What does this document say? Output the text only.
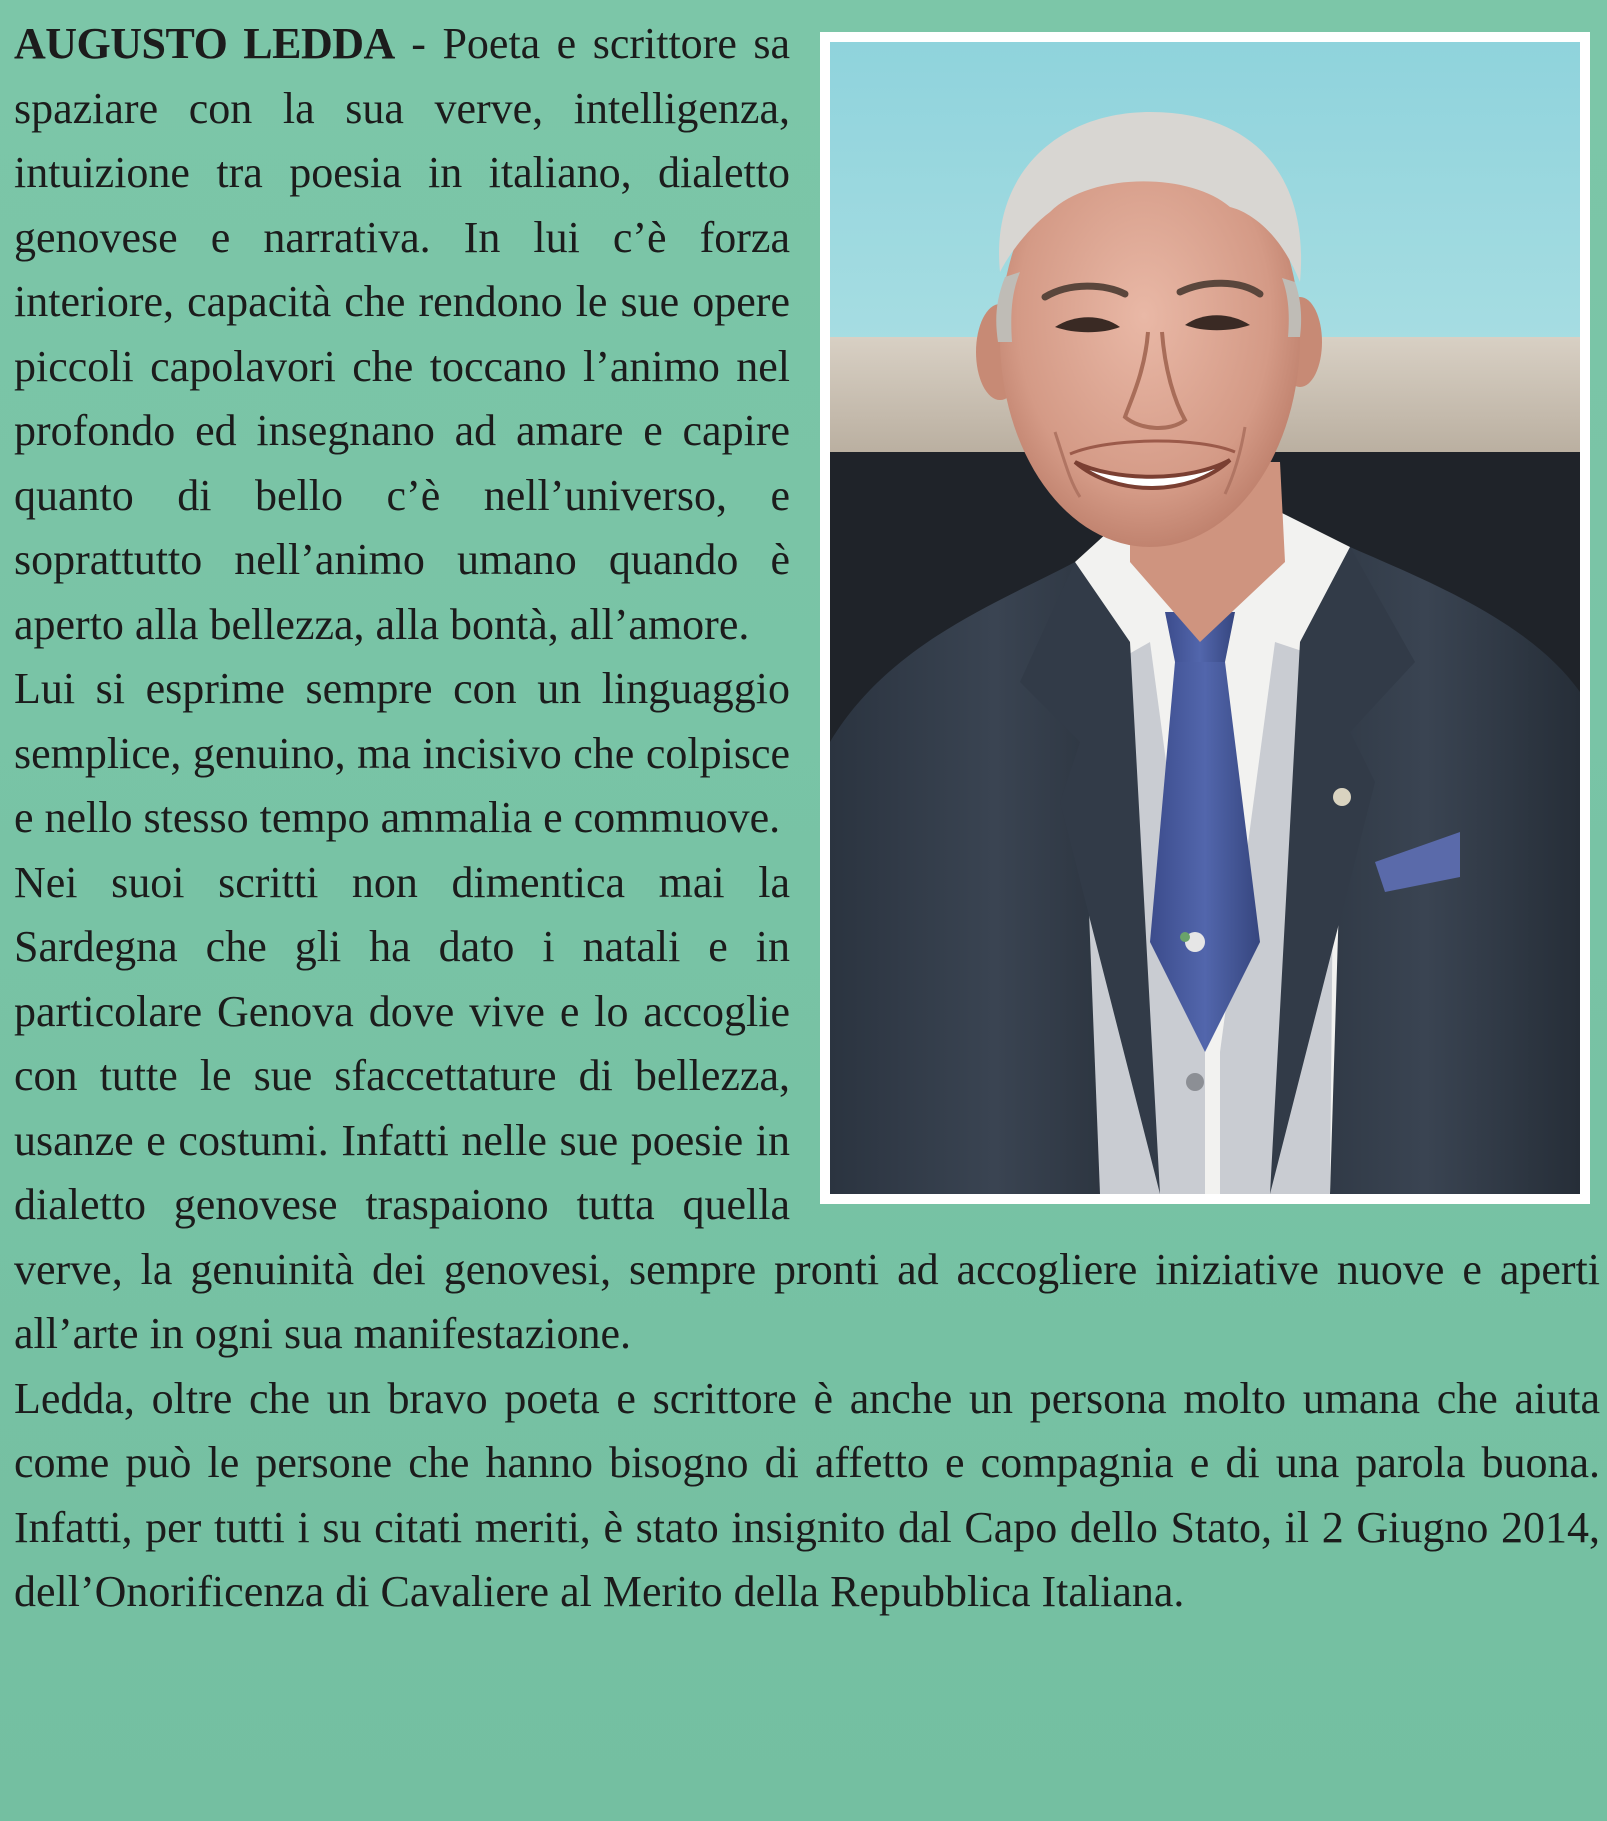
AUGUSTO LEDDA - Poeta e scrittore sa spaziare con la sua verve, intelligenza, intuizione tra poesia in italiano, dialetto genovese e narrativa. In lui c’è forza interiore, capacità che rendono le sue opere piccoli capolavori che toccano l’animo nel profondo ed insegnano ad amare e capire quanto di bello c’è nell’universo, e soprattutto nell’animo umano quando è aperto alla bellezza, alla bontà, all’amore.

Lui si esprime sempre con un linguaggio semplice, genuino, ma incisivo che colpisce e nello stesso tempo ammalia e commuove.

Nei suoi scritti non dimentica mai la Sardegna che gli ha dato i natali e in particolare Genova dove vive e lo accoglie con tutte le sue sfaccettature di bellezza, usanze e costumi. Infatti nelle sue poesie in dialetto genovese traspaiono tutta quella verve, la genuinità dei genovesi, sempre pronti ad accogliere iniziative nuove e aperti all’arte in ogni sua manifestazione.

Ledda, oltre che un bravo poeta e scrittore è anche un persona molto umana che aiuta come può le persone che hanno bisogno di affetto e compagnia e di una parola buona. Infatti, per tutti i su citati meriti, è stato insignito dal Capo dello Stato, il 2 Giugno 2014, dell’Onorificenza di Cavaliere al Merito della Repubblica Italiana.
